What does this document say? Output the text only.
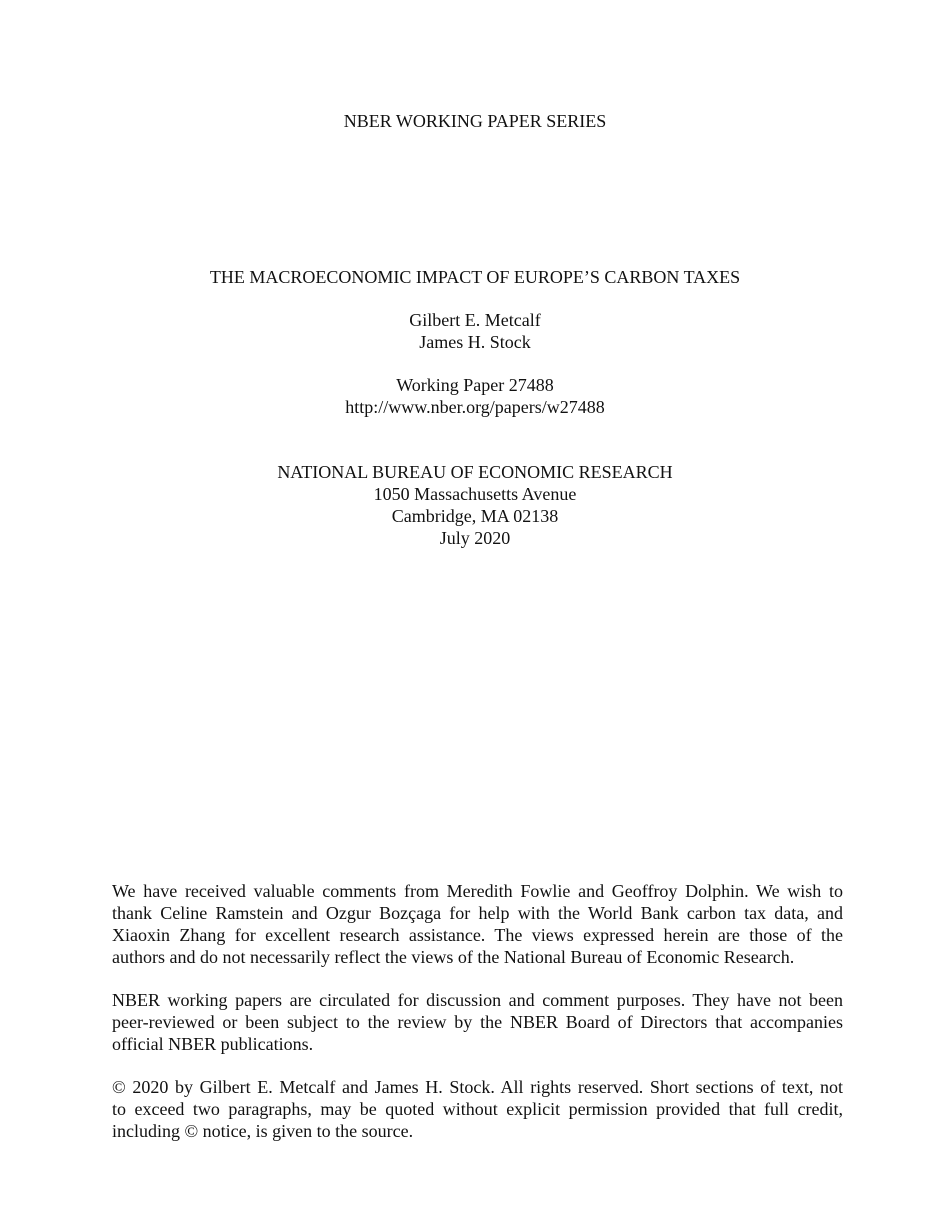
NBER WORKING PAPER SERIES
THE MACROECONOMIC IMPACT OF EUROPE’S CARBON TAXES
Gilbert E. Metcalf
James H. Stock
Working Paper 27488
http://www.nber.org/papers/w27488
NATIONAL BUREAU OF ECONOMIC RESEARCH
1050 Massachusetts Avenue
Cambridge, MA 02138
July 2020
We have received valuable comments from Meredith Fowlie and Geoffroy Dolphin. We wish to
thank Celine Ramstein and Ozgur Bozçaga for help with the World Bank carbon tax data, and
Xiaoxin Zhang for excellent research assistance. The views expressed herein are those of the
authors and do not necessarily reflect the views of the National Bureau of Economic Research.
NBER working papers are circulated for discussion and comment purposes. They have not been
peer-reviewed or been subject to the review by the NBER Board of Directors that accompanies
official NBER publications.
© 2020 by Gilbert E. Metcalf and James H. Stock. All rights reserved. Short sections of text, not
to exceed two paragraphs, may be quoted without explicit permission provided that full credit,
including © notice, is given to the source.
